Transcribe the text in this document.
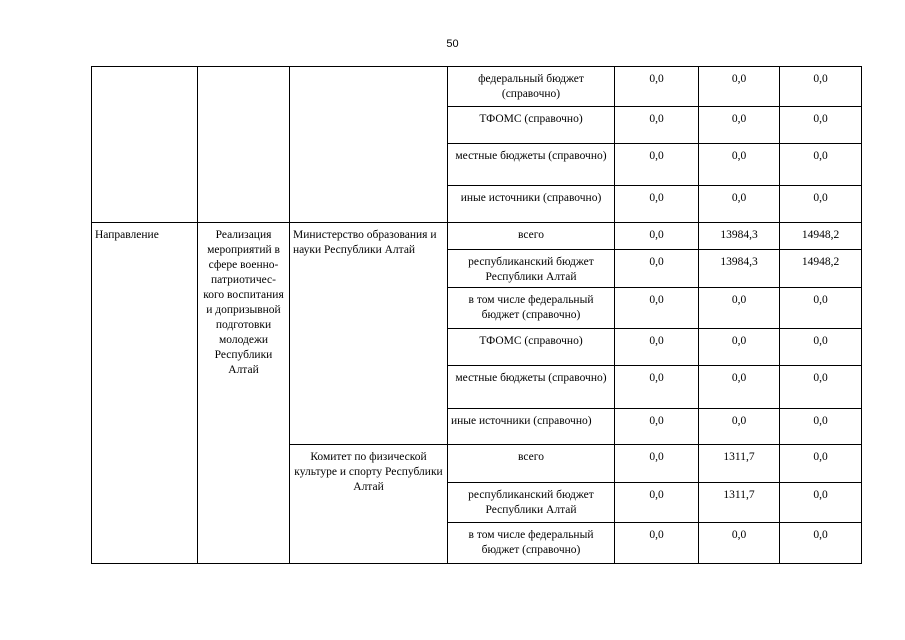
50
			федеральный бюджет (справочно)	0,0	0,0	0,0
			ТФОМС (справочно)	0,0	0,0	0,0
			местные бюджеты (справочно)	0,0	0,0	0,0
			иные источники (справочно)	0,0	0,0	0,0
Направление	Реализация мероприятий в сфере военно-патриотичес-кого воспитания и допризывной подготовки молодежи Республики Алтай	Министерство образования и науки Республики Алтай	всего	0,0	13984,3	14948,2
			республиканский бюджет Республики Алтай	0,0	13984,3	14948,2
			в том числе федеральный бюджет (справочно)	0,0	0,0	0,0
			ТФОМС (справочно)	0,0	0,0	0,0
			местные бюджеты (справочно)	0,0	0,0	0,0
			иные источники (справочно)	0,0	0,0	0,0
		Комитет по физической культуре и спорту Республики Алтай	всего	0,0	1311,7	0,0
			республиканский бюджет Республики Алтай	0,0	1311,7	0,0
			в том числе федеральный бюджет (справочно)	0,0	0,0	0,0
